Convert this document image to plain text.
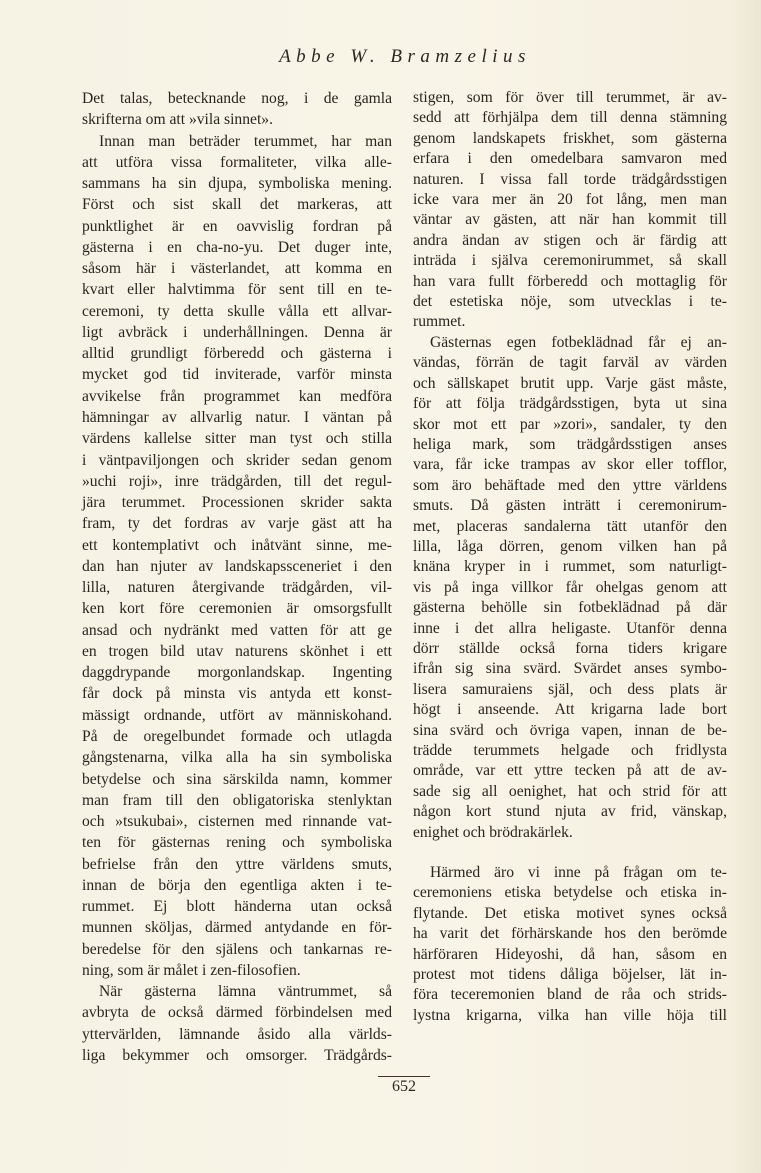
Abbe W. Bramzelius
Det talas, betecknande nog, i de gamla
skrifterna om att »vila sinnet».
Innan man beträder terummet, har man
att utföra vissa formaliteter, vilka alle-
sammans ha sin djupa, symboliska mening.
Först och sist skall det markeras, att
punktlighet är en oavvislig fordran på
gästerna i en cha-no-yu. Det duger inte,
såsom här i västerlandet, att komma en
kvart eller halvtimma för sent till en te-
ceremoni, ty detta skulle vålla ett allvar-
ligt avbräck i underhållningen. Denna är
alltid grundligt förberedd och gästerna i
mycket god tid inviterade, varför minsta
avvikelse från programmet kan medföra
hämningar av allvarlig natur. I väntan på
värdens kallelse sitter man tyst och stilla
i väntpaviljongen och skrider sedan genom
»uchi roji», inre trädgården, till det regul-
jära terummet. Processionen skrider sakta
fram, ty det fordras av varje gäst att ha
ett kontemplativt och inåtvänt sinne, me-
dan han njuter av landskapssceneriet i den
lilla, naturen återgivande trädgården, vil-
ken kort före ceremonien är omsorgsfullt
ansad och nydränkt med vatten för att ge
en trogen bild utav naturens skönhet i ett
daggdrypande morgonlandskap. Ingenting
får dock på minsta vis antyda ett konst-
mässigt ordnande, utfört av människohand.
På de oregelbundet formade och utlagda
gångstenarna, vilka alla ha sin symboliska
betydelse och sina särskilda namn, kommer
man fram till den obligatoriska stenlyktan
och »tsukubai», cisternen med rinnande vat-
ten för gästernas rening och symboliska
befrielse från den yttre världens smuts,
innan de börja den egentliga akten i te-
rummet. Ej blott händerna utan också
munnen sköljas, därmed antydande en för-
beredelse för den själens och tankarnas re-
ning, som är målet i zen-filosofien.
När gästerna lämna väntrummet, så
avbryta de också därmed förbindelsen med
yttervärlden, lämnande åsido alla världs-
liga bekymmer och omsorger. Trädgårds-
stigen, som för över till terummet, är av-
sedd att förhjälpa dem till denna stämning
genom landskapets friskhet, som gästerna
erfara i den omedelbara samvaron med
naturen. I vissa fall torde trädgårdsstigen
icke vara mer än 20 fot lång, men man
väntar av gästen, att när han kommit till
andra ändan av stigen och är färdig att
inträda i själva ceremonirummet, så skall
han vara fullt förberedd och mottaglig för
det estetiska nöje, som utvecklas i te-
rummet.
Gästernas egen fotbeklädnad får ej an-
vändas, förrän de tagit farväl av värden
och sällskapet brutit upp. Varje gäst måste,
för att följa trädgårdsstigen, byta ut sina
skor mot ett par »zori», sandaler, ty den
heliga mark, som trädgårdsstigen anses
vara, får icke trampas av skor eller tofflor,
som äro behäftade med den yttre världens
smuts. Då gästen inträtt i ceremonirum-
met, placeras sandalerna tätt utanför den
lilla, låga dörren, genom vilken han på
knäna kryper in i rummet, som naturligt-
vis på inga villkor får ohelgas genom att
gästerna behölle sin fotbeklädnad på där
inne i det allra heligaste. Utanför denna
dörr ställde också forna tiders krigare
ifrån sig sina svärd. Svärdet anses symbo-
lisera samuraiens själ, och dess plats är
högt i anseende. Att krigarna lade bort
sina svärd och övriga vapen, innan de be-
trädde terummets helgade och fridlysta
område, var ett yttre tecken på att de av-
sade sig all oenighet, hat och strid för att
någon kort stund njuta av frid, vänskap,
enighet och brödrakärlek.
Härmed äro vi inne på frågan om te-
ceremoniens etiska betydelse och etiska in-
flytande. Det etiska motivet synes också
ha varit det förhärskande hos den berömde
härföraren Hideyoshi, då han, såsom en
protest mot tidens dåliga böjelser, lät in-
föra teceremonien bland de råa och strids-
lystna krigarna, vilka han ville höja till
652
